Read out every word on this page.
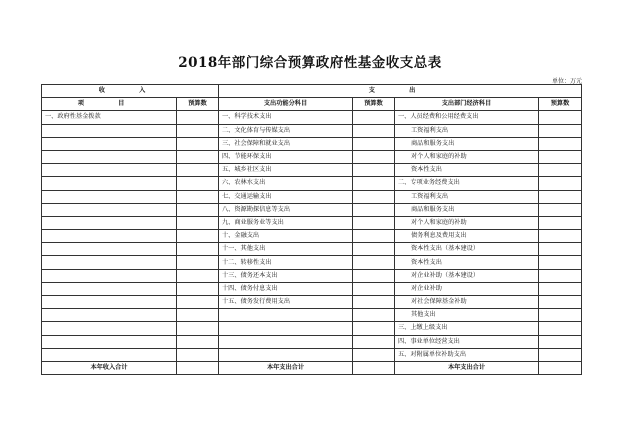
2018年部门综合预算政府性基金收支总表
单位：万元
收 入		支 出			
项 目	预算数	支出功能分科目	预算数	支出部门经济科目	预算数
一、政府性基金拨款		一、科学技术支出		一、人员经费和公用经费支出	
		二、文化体育与传媒支出		工资福利支出	
		三、社会保障和就业支出		商品和服务支出	
		四、节能环保支出		对个人和家庭的补助	
		五、城乡社区支出		资本性支出	
		六、农林水支出		二、专项业务经费支出	
		七、交通运输支出		工资福利支出	
		八、资源勘探信息等支出		商品和服务支出	
		九、商业服务业等支出		对个人和家庭的补助	
		十、金融支出		债务利息及费用支出	
		十一、其他支出		资本性支出（基本建设）	
		十二、转移性支出		资本性支出	
		十三、债务还本支出		对企业补助（基本建设）	
		十四、债务付息支出		对企业补助	
		十五、债务发行费用支出		对社会保障基金补助	
				其他支出	
				三、上缴上级支出	
				四、事业单位经营支出	
				五、对附属单位补助支出	
本年收入合计		本年支出合计		本年支出合计	
